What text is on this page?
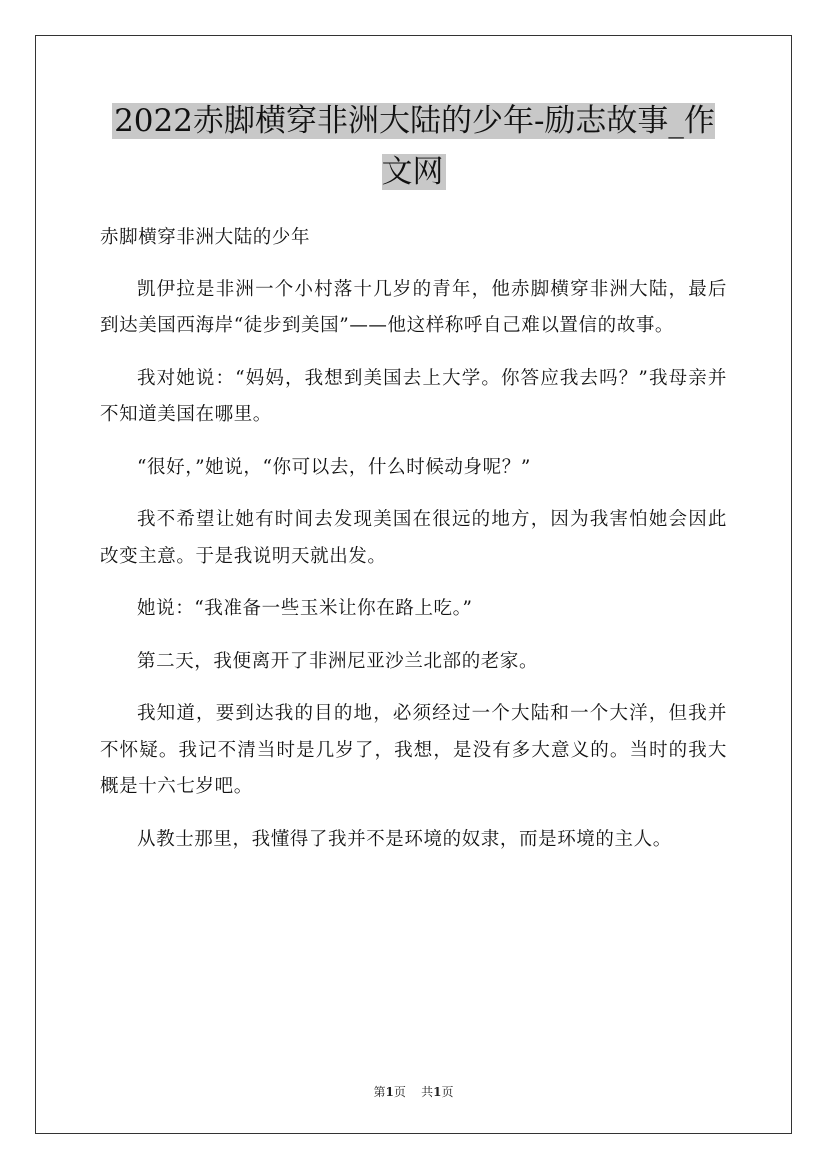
2022赤脚横穿非洲大陆的少年-励志故事_作文网

赤脚横穿非洲大陆的少年

凯伊拉是非洲一个小村落十几岁的青年，他赤脚横穿非洲大陆，最后到达美国西海岸“徒步到美国”——他这样称呼自己难以置信的故事。

我对她说：“妈妈，我想到美国去上大学。你答应我去吗？”我母亲并不知道美国在哪里。

“很好，”她说，“你可以去，什么时候动身呢？”

我不希望让她有时间去发现美国在很远的地方，因为我害怕她会因此改变主意。于是我说明天就出发。

她说：“我准备一些玉米让你在路上吃。”

第二天，我便离开了非洲尼亚沙兰北部的老家。

我知道，要到达我的目的地，必须经过一个大陆和一个大洋，但我并不怀疑。我记不清当时是几岁了，我想，是没有多大意义的。当时的我大概是十六七岁吧。

从教士那里，我懂得了我并不是环境的奴隶，而是环境的主人。

第1页 共1页
